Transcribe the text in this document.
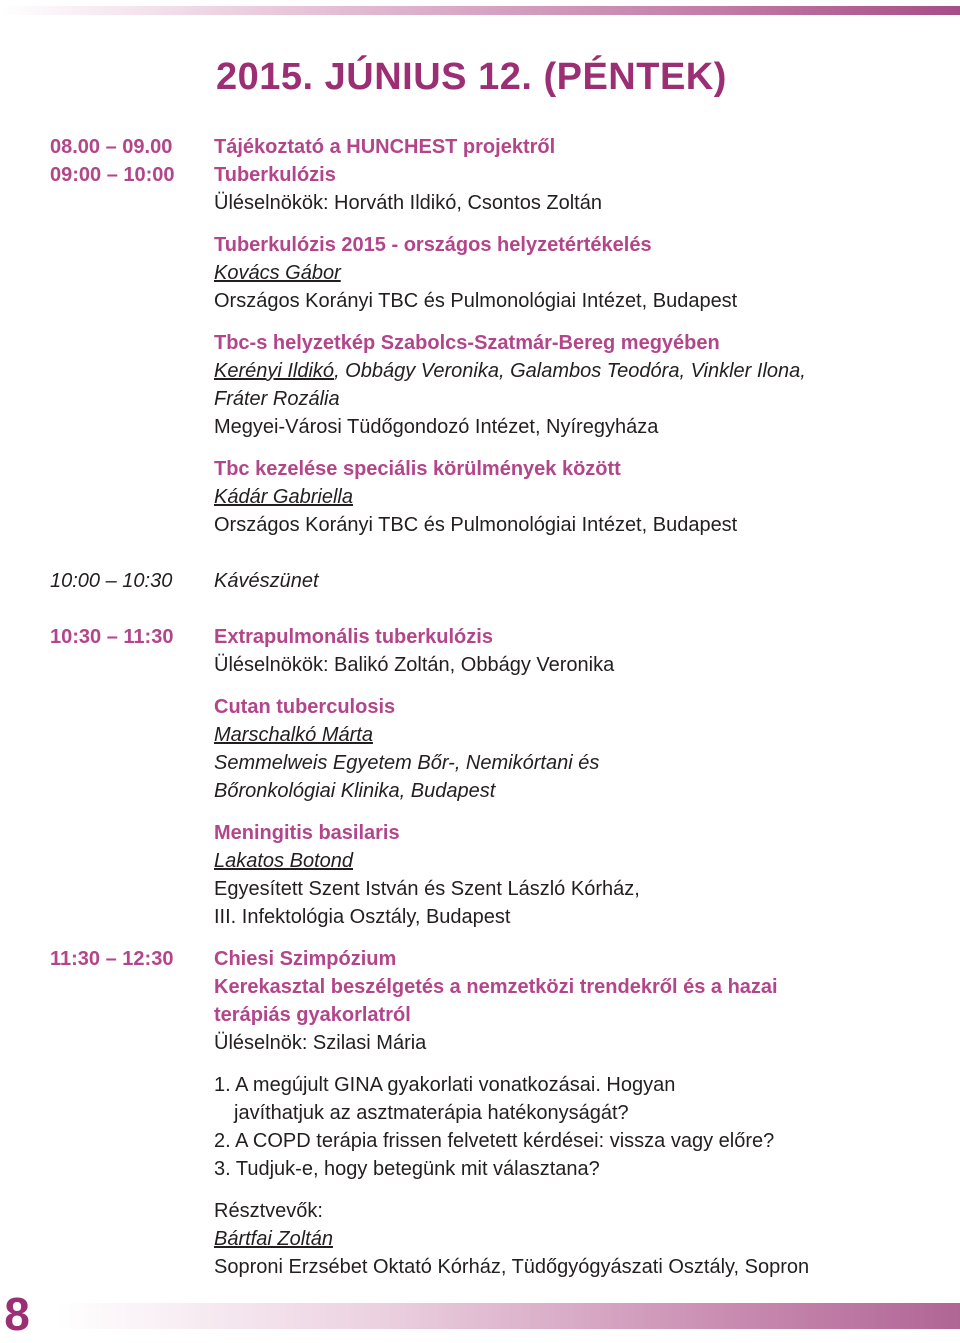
2015. JÚNIUS 12. (PÉNTEK)
08.00 – 09.00 Tájékoztató a HUNCHEST projektről
09:00 – 10:00 Tuberkulózis
Üléselnökök: Horváth Ildikó, Csontos Zoltán
Tuberkulózis 2015 - országos helyzetértékelés
Kovács Gábor
Országos Korányi TBC és Pulmonológiai Intézet, Budapest
Tbc-s helyzetkép Szabolcs-Szatmár-Bereg megyében
Kerényi Ildikó, Obbágy Veronika, Galambos Teodóra, Vinkler Ilona,
Fráter Rozália
Megyei-Városi Tüdőgondozó Intézet, Nyíregyháza
Tbc kezelése speciális körülmények között
Kádár Gabriella
Országos Korányi TBC és Pulmonológiai Intézet, Budapest
10:00 – 10:30 Kávészünet
10:30 – 11:30 Extrapulmonális tuberkulózis
Üléselnökök: Balikó Zoltán, Obbágy Veronika
Cutan tuberculosis
Marschalkó Márta
Semmelweis Egyetem Bőr-, Nemikórtani és
Bőronkológiai Klinika, Budapest
Meningitis basilaris
Lakatos Botond
Egyesített Szent István és Szent László Kórház,
III. Infektológia Osztály, Budapest
11:30 – 12:30 Chiesi Szimpózium
Kerekasztal beszélgetés a nemzetközi trendekről és a hazai
terápiás gyakorlatról
Üléselnök: Szilasi Mária
1. A megújult GINA gyakorlati vonatkozásai. Hogyan
javíthatjuk az asztmaterápia hatékonyságát?
2. A COPD terápia frissen felvetett kérdései: vissza vagy előre?
3. Tudjuk-e, hogy betegünk mit választana?
Résztvevők:
Bártfai Zoltán
Soproni Erzsébet Oktató Kórház, Tüdőgyógyászati Osztály, Sopron
8
